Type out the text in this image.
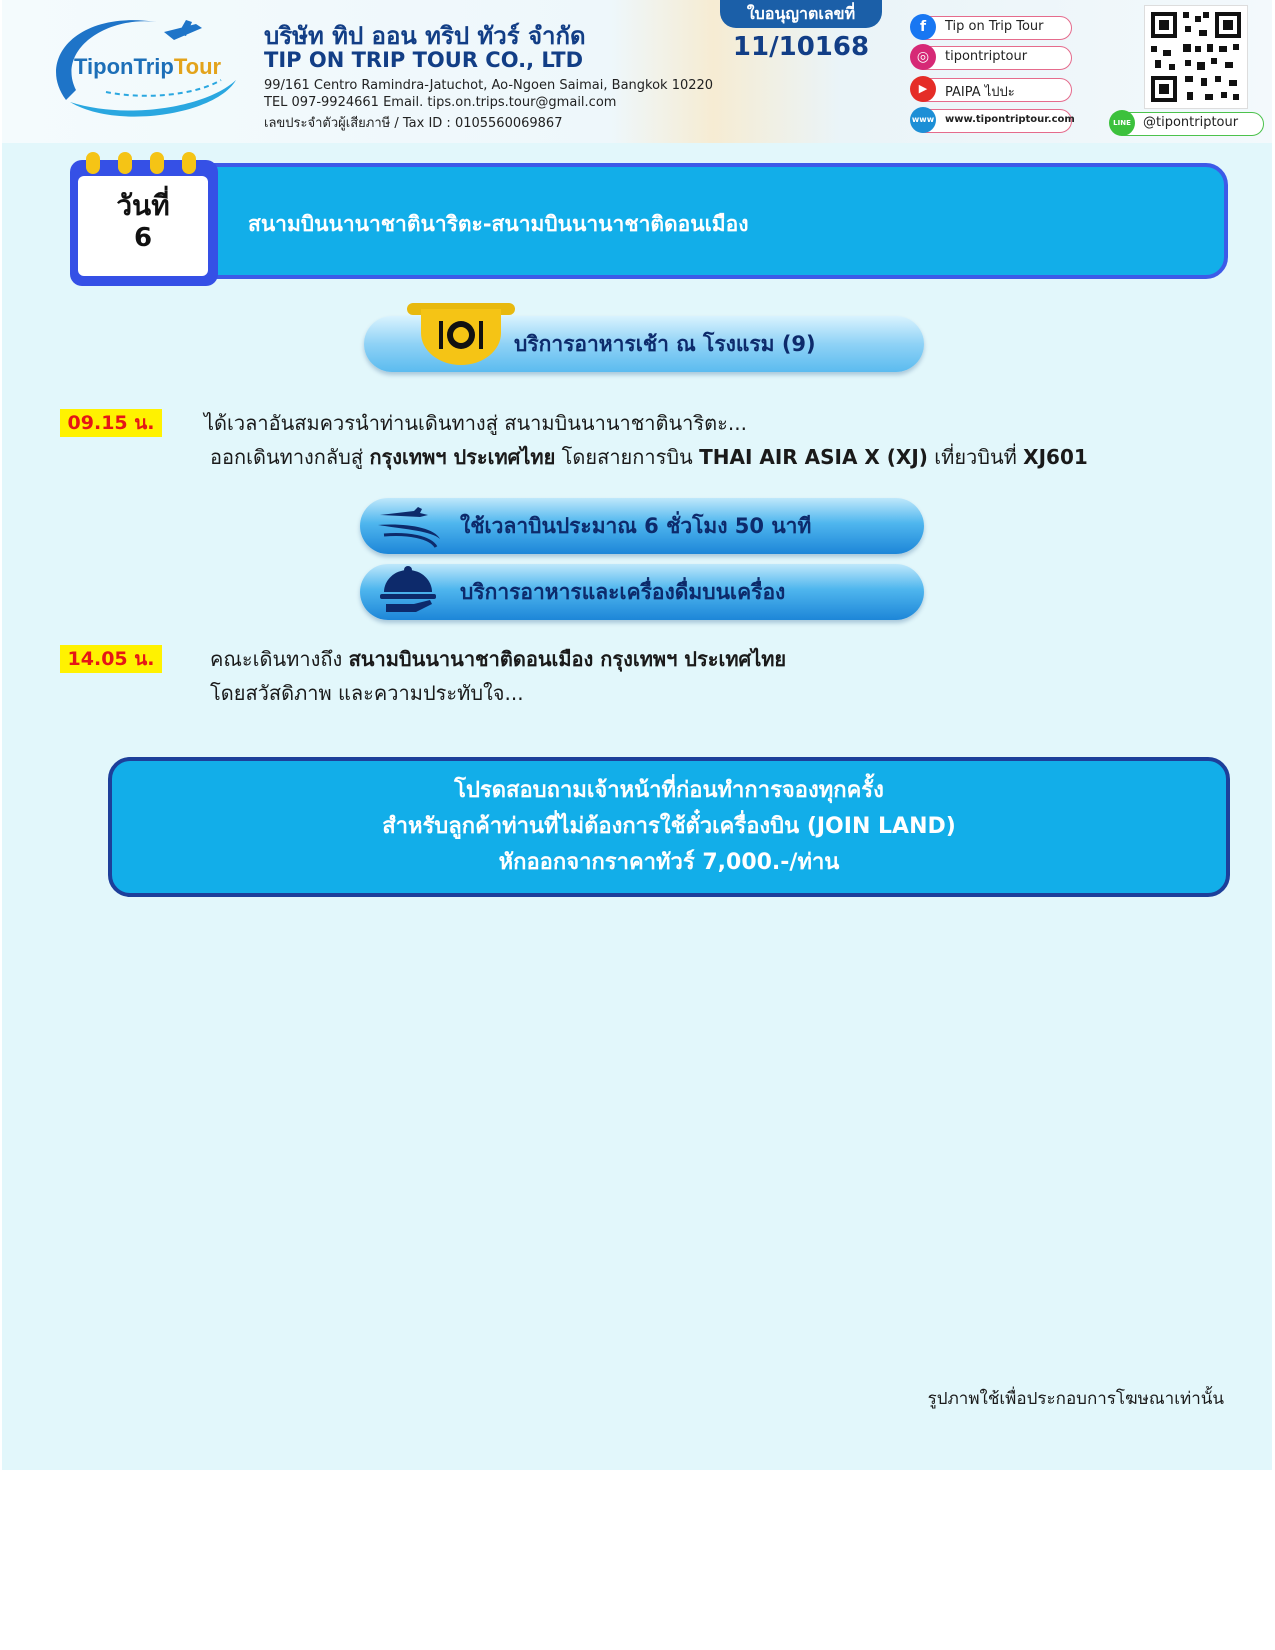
TiponTripTour
บริษัท ทิป ออน ทริป ทัวร์ จำกัด
TIP ON TRIP TOUR CO., LTD
99/161 Centro Ramindra-Jatuchot, Ao-Ngoen Saimai, Bangkok 10220
TEL 097-9924661 Email. tips.on.trips.tour@gmail.com
เลขประจำตัวผู้เสียภาษี / Tax ID : 0105560069867
ใบอนุญาตเลขที่
11/10168
f	Tip on Trip Tour
◎	tipontriptour
▶	PAIPA ไปปะ
www www.tipontriptour.com	LINE @tipontriptour
สนามบินนานาชาตินาริตะ-สนามบินนานาชาติดอนเมือง
วันที่
6
บริการอาหารเช้า ณ โรงแรม (9)
09.15 น.	ได้เวลาอันสมควรนำท่านเดินทางสู่ สนามบินนานาชาตินาริตะ...
ออกเดินทางกลับสู่ กรุงเทพฯ ประเทศไทย โดยสายการบิน THAI AIR ASIA X (XJ) เที่ยวบินที่ XJ601
ใช้เวลาบินประมาณ 6 ชั่วโมง 50 นาที
บริการอาหารและเครื่องดื่มบนเครื่อง
14.05 น.	คณะเดินทางถึง สนามบินนานาชาติดอนเมือง กรุงเทพฯ ประเทศไทย
โดยสวัสดิภาพ และความประทับใจ...
โปรดสอบถามเจ้าหน้าที่ก่อนทำการจองทุกครั้ง
สำหรับลูกค้าท่านที่ไม่ต้องการใช้ตั๋วเครื่องบิน (JOIN LAND)
หักออกจากราคาทัวร์ 7,000.-/ท่าน
รูปภาพใช้เพื่อประกอบการโฆษณาเท่านั้น
